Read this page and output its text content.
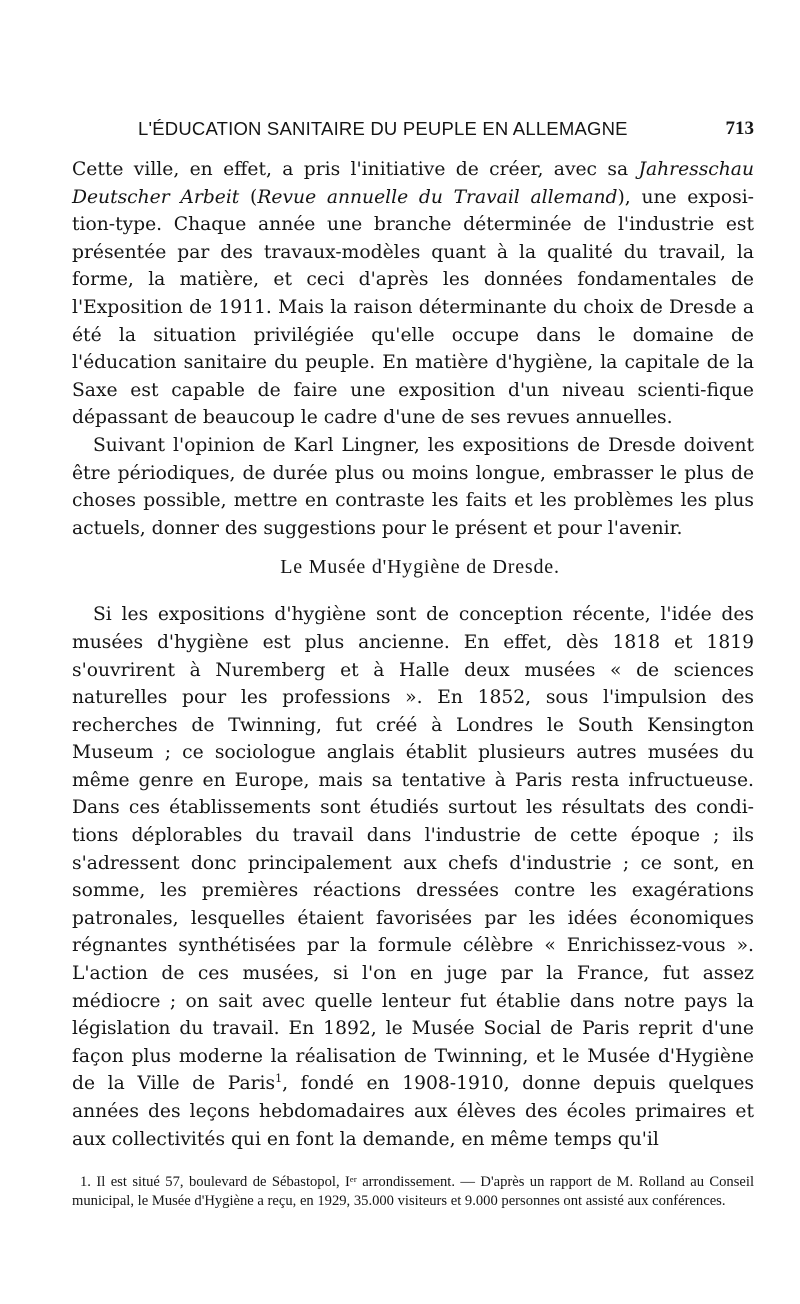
L'ÉDUCATION SANITAIRE DU PEUPLE EN ALLEMAGNE	713

Cette ville, en effet, a pris l'initiative de créer, avec sa Jahresschau Deutscher Arbeit (Revue annuelle du Travail allemand), une exposi-tion-type. Chaque année une branche déterminée de l'industrie est présentée par des travaux-modèles quant à la qualité du travail, la forme, la matière, et ceci d'après les données fondamentales de l'Exposition de 1911. Mais la raison déterminante du choix de Dresde a été la situation privilégiée qu'elle occupe dans le domaine de l'éducation sanitaire du peuple. En matière d'hygiène, la capitale de la Saxe est capable de faire une exposition d'un niveau scienti-fique dépassant de beaucoup le cadre d'une de ses revues annuelles.

Suivant l'opinion de Karl Lingner, les expositions de Dresde doivent être périodiques, de durée plus ou moins longue, embrasser le plus de choses possible, mettre en contraste les faits et les problèmes les plus actuels, donner des suggestions pour le présent et pour l'avenir.

Le Musée d'Hygiène de Dresde.

Si les expositions d'hygiène sont de conception récente, l'idée des musées d'hygiène est plus ancienne. En effet, dès 1818 et 1819 s'ouvrirent à Nuremberg et à Halle deux musées « de sciences naturelles pour les professions ». En 1852, sous l'impulsion des recherches de Twinning, fut créé à Londres le South Kensington Museum ; ce sociologue anglais établit plusieurs autres musées du même genre en Europe, mais sa tentative à Paris resta infructueuse. Dans ces établissements sont étudiés surtout les résultats des condi-tions déplorables du travail dans l'industrie de cette époque ; ils s'adressent donc principalement aux chefs d'industrie ; ce sont, en somme, les premières réactions dressées contre les exagérations patronales, lesquelles étaient favorisées par les idées économiques régnantes synthétisées par la formule célèbre « Enrichissez-vous ». L'action de ces musées, si l'on en juge par la France, fut assez médiocre ; on sait avec quelle lenteur fut établie dans notre pays la législation du travail. En 1892, le Musée Social de Paris reprit d'une façon plus moderne la réalisation de Twinning, et le Musée d'Hygiène de la Ville de Paris$^1$, fondé en 1908-1910, donne depuis quelques années des leçons hebdomadaires aux élèves des écoles primaires et aux collectivités qui en font la demande, en même temps qu'il

1. Il est situé 57, boulevard de Sébastopol, Iᵉʳ arrondissement. — D'après un rapport de M. Rolland au Conseil municipal, le Musée d'Hygiène a reçu, en 1929, 35.000 visiteurs et 9.000 personnes ont assisté aux conférences.
